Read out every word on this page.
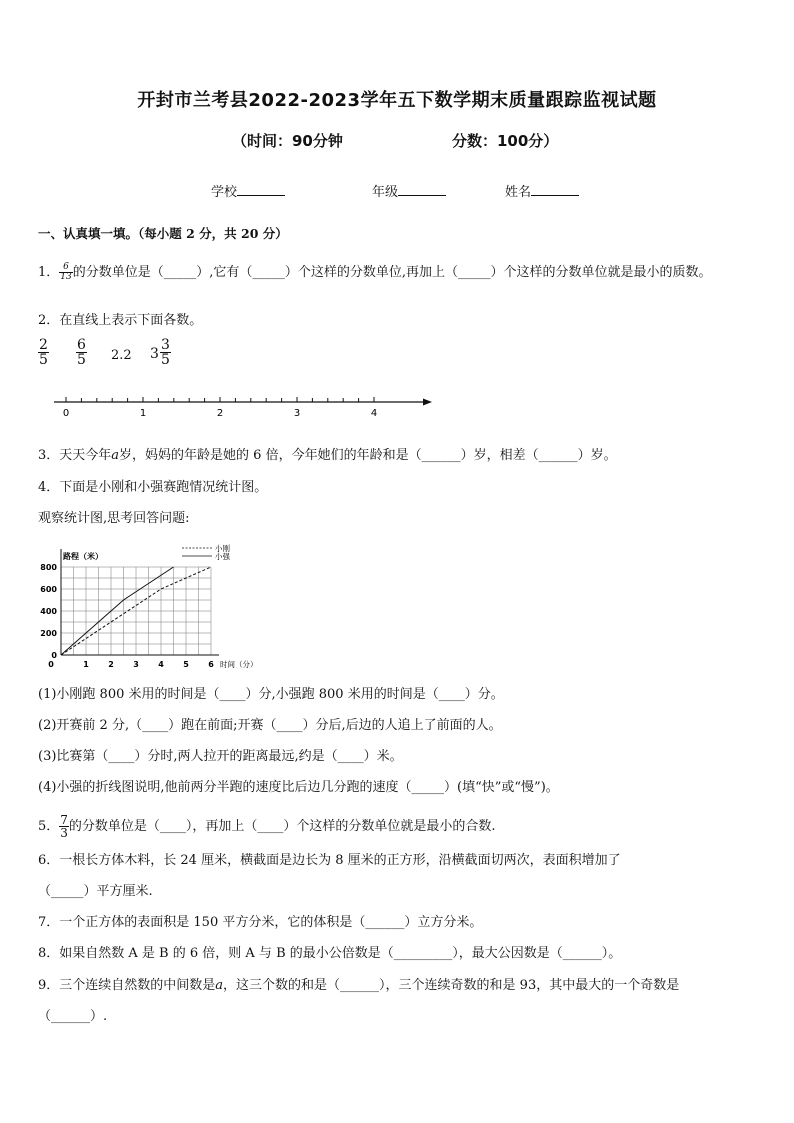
开封市兰考县2022-2023学年五下数学期末质量跟踪监视试题
（时间：90分钟	分数：100分）
学校	年级	姓名
一、认真填一填。（每小题 2 分，共 20 分）
1． $\frac{6}{13}$ 的分数单位是（_____）,它有（_____）个这样的分数单位,再加上（_____）个这样的分数单位就是最小的质数。
2．在直线上表示下面各数。
$\frac{2}{5} \frac{6}{5} 2.2$ $3 \frac{3}{5}$
0	1	2	3	4
3．天天今年a岁，妈妈的年龄是她的 6 倍，今年她们的年龄和是（______）岁，相差（______）岁。
4．下面是小刚和小强赛跑情况统计图。
观察统计图,思考回答问题:
0
200
400
600
800
0	1 2 3 4 5 6
路程（米）
时间（分）
小刚
小强
(1)小刚跑 800 米用的时间是（____）分,小强跑 800 米用的时间是（____）分。
(2)开赛前 2 分,（____）跑在前面;开赛（____）分后,后边的人追上了前面的人。
(3)比赛第（____）分时,两人拉开的距离最远,约是（____）米。
(4)小强的折线图说明,他前两分半跑的速度比后边几分跑的速度（_____）(填“快”或“慢”)。
5． $\frac{7}{3}$ 的分数单位是（____），再加上（____）个这样的分数单位就是最小的合数.
6．一根长方体木料，长 24 厘米，横截面是边长为 8 厘米的正方形，沿横截面切两次，表面积增加了
（_____）平方厘米.
7．一个正方体的表面积是 150 平方分米，它的体积是（______）立方分米。
8．如果自然数 A 是 B 的 6 倍，则 A 与 B 的最小公倍数是（_________），最大公因数是（______）。
9．三个连续自然数的中间数是a，这三个数的和是（______），三个连续奇数的和是 93，其中最大的一个奇数是
（______）.
